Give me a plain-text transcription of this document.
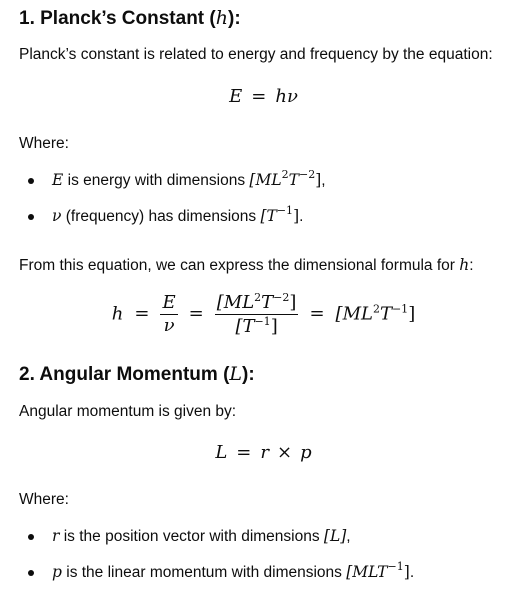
1. Planck’s Constant (h):
Planck’s constant is related to energy and frequency by the equation:
E = hν
Where:
E is energy with dimensions $[ML^2T^{-2}]$,
ν (frequency) has dimensions $[T^{-1}]$.
From this equation, we can express the dimensional formula for h:
$h = \frac{E}{\nu} = \frac{[ML^2T^{-2}]}{[T^{-1}]} = [ML^2T^{-1}]$
2. Angular Momentum (L):
Angular momentum is given by:
L = r × p
Where:
r is the position vector with dimensions [L],
p is the linear momentum with dimensions $[MLT^{-1}]$.
